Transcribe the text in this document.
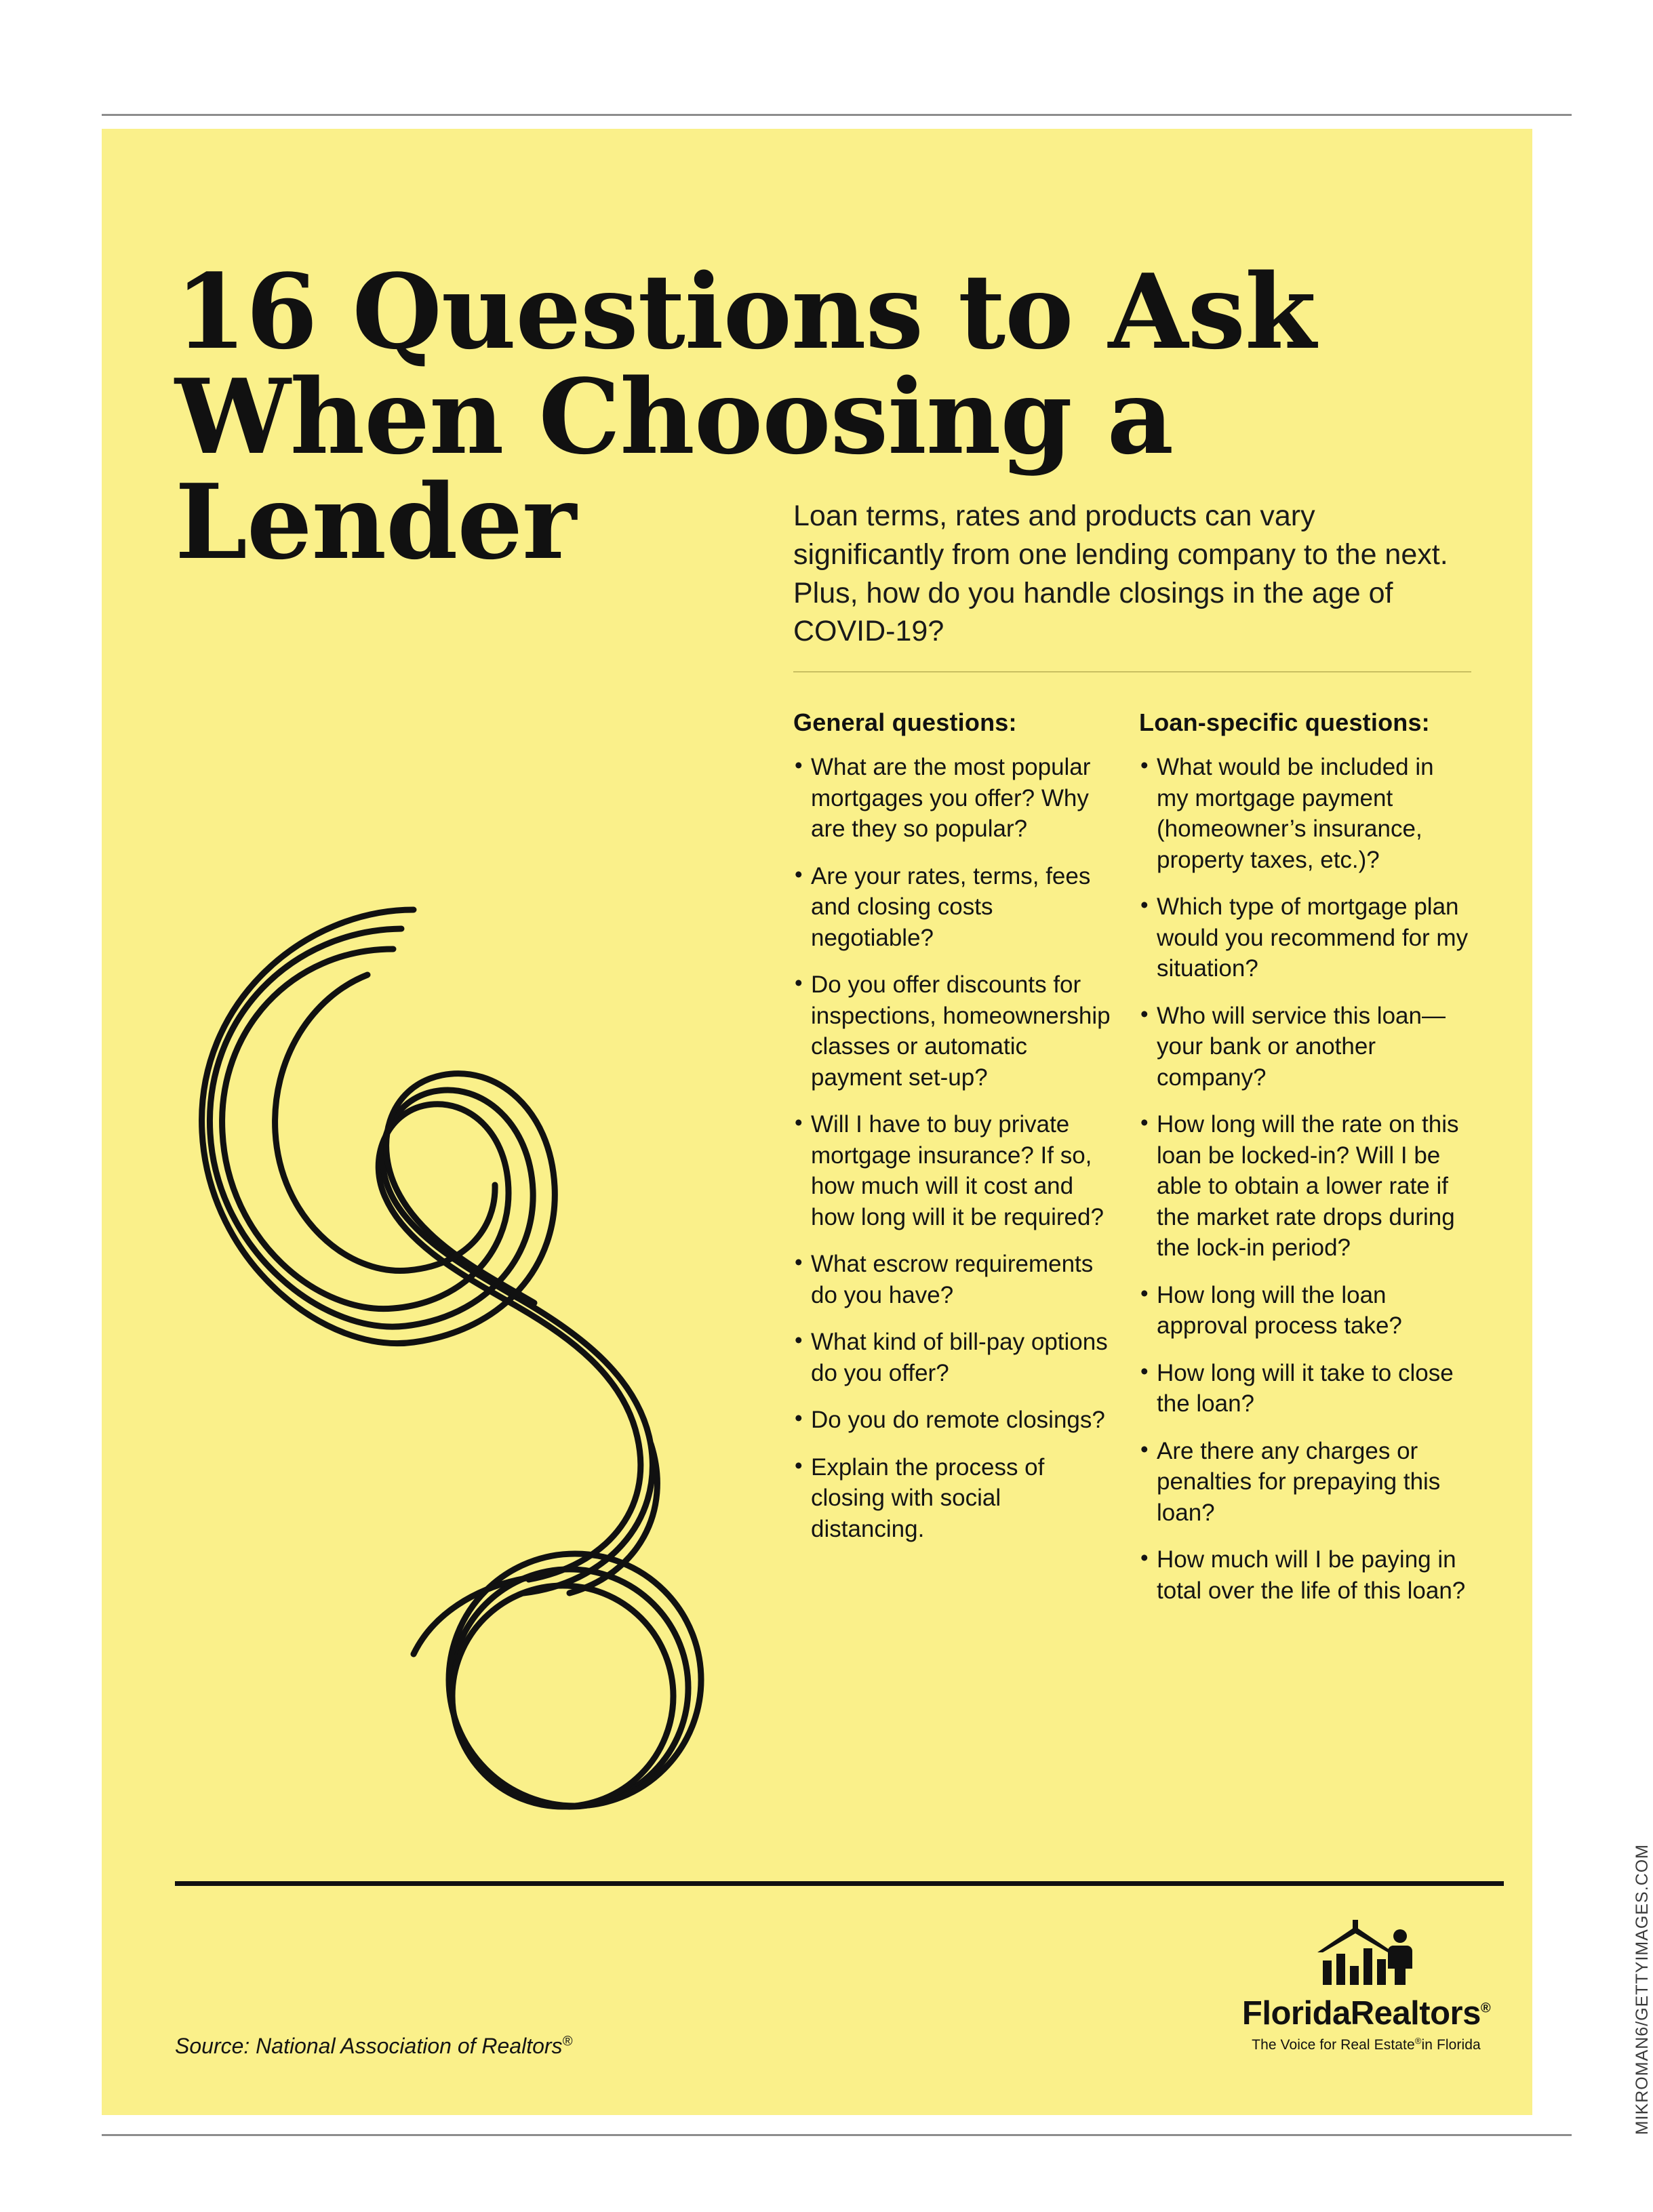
16 Questions to Ask When Choosing a Lender	Loan terms, rates and products can vary significantly from one lending company to the next. Plus, how do you handle closings in the age of COVID-19?

General questions:
• What are the most popular mortgages you offer? Why are they so popular?
• Are your rates, terms, fees and closing costs negotiable?
• Do you offer discounts for inspections, homeownership classes or automatic payment set-up?
• Will I have to buy private mortgage insurance? If so, how much will it cost and how long will it be required?
• What escrow requirements do you have?
• What kind of bill-pay options do you offer?
• Do you do remote closings?
• Explain the process of closing with social distancing.
Loan-specific questions:
• What would be included in my mortgage payment (homeowner’s insurance, property taxes, etc.)?
• Which type of mortgage plan would you recommend for my situation?
• Who will service this loan—your bank or another company?
• How long will the rate on this loan be locked-in? Will I be able to obtain a lower rate if the market rate drops during the lock-in period?
• How long will the loan approval process take?
• How long will it take to close the loan?
• Are there any charges or penalties for prepaying this loan?
• How much will I be paying in total over the life of this loan?
Source: National Association of Realtors®
FloridaRealtors®
The Voice for Real Estate®in Florida	MIKROMAN6/GETTYIMAGES.COM
